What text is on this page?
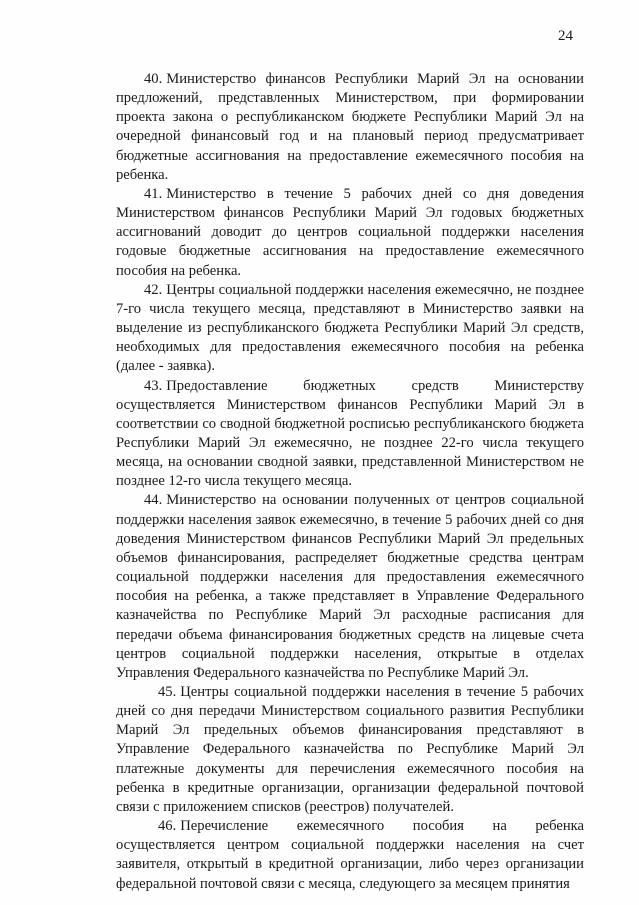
24

40. Министерство финансов Республики Марий Эл на основании предложений, представленных Министерством, при формировании проекта закона о республиканском бюджете Республики Марий Эл на очередной финансовый год и на плановый период предусматривает бюджетные ассигнования на предоставление ежемесячного пособия на ребенка.

41. Министерство в течение 5 рабочих дней со дня доведения Министерством финансов Республики Марий Эл годовых бюджетных ассигнований доводит до центров социальной поддержки населения годовые бюджетные ассигнования на предоставление ежемесячного пособия на ребенка.

42. Центры социальной поддержки населения ежемесячно, не позднее 7-го числа текущего месяца, представляют в Министерство заявки на выделение из республиканского бюджета Республики Марий Эл средств, необходимых для предоставления ежемесячного пособия на ребенка (далее - заявка).

43. Предоставление бюджетных средств Министерству осуществляется Министерством финансов Республики Марий Эл в соответствии со сводной бюджетной росписью республиканского бюджета Республики Марий Эл ежемесячно, не позднее 22-го числа текущего месяца, на основании сводной заявки, представленной Министерством не позднее 12-го числа текущего месяца.

44. Министерство на основании полученных от центров социальной поддержки населения заявок ежемесячно, в течение 5 рабочих дней со дня доведения Министерством финансов Республики Марий Эл предельных объемов финансирования, распределяет бюджетные средства центрам социальной поддержки населения для предоставления ежемесячного пособия на ребенка, а также представляет в Управление Федерального казначейства по Республике Марий Эл расходные расписания для передачи объема финансирования бюджетных средств на лицевые счета центров социальной поддержки населения, открытые в отделах Управления Федерального казначейства по Республике Марий Эл.

45. Центры социальной поддержки населения в течение 5 рабочих дней со дня передачи Министерством социального развития Республики Марий Эл предельных объемов финансирования представляют в Управление Федерального казначейства по Республике Марий Эл платежные документы для перечисления ежемесячного пособия на ребенка в кредитные организации, организации федеральной почтовой связи с приложением списков (реестров) получателей.

46. Перечисление ежемесячного пособия на ребенка осуществляется центром социальной поддержки населения на счет заявителя, открытый в кредитной организации, либо через организации федеральной почтовой связи с месяца, следующего за месяцем принятия
